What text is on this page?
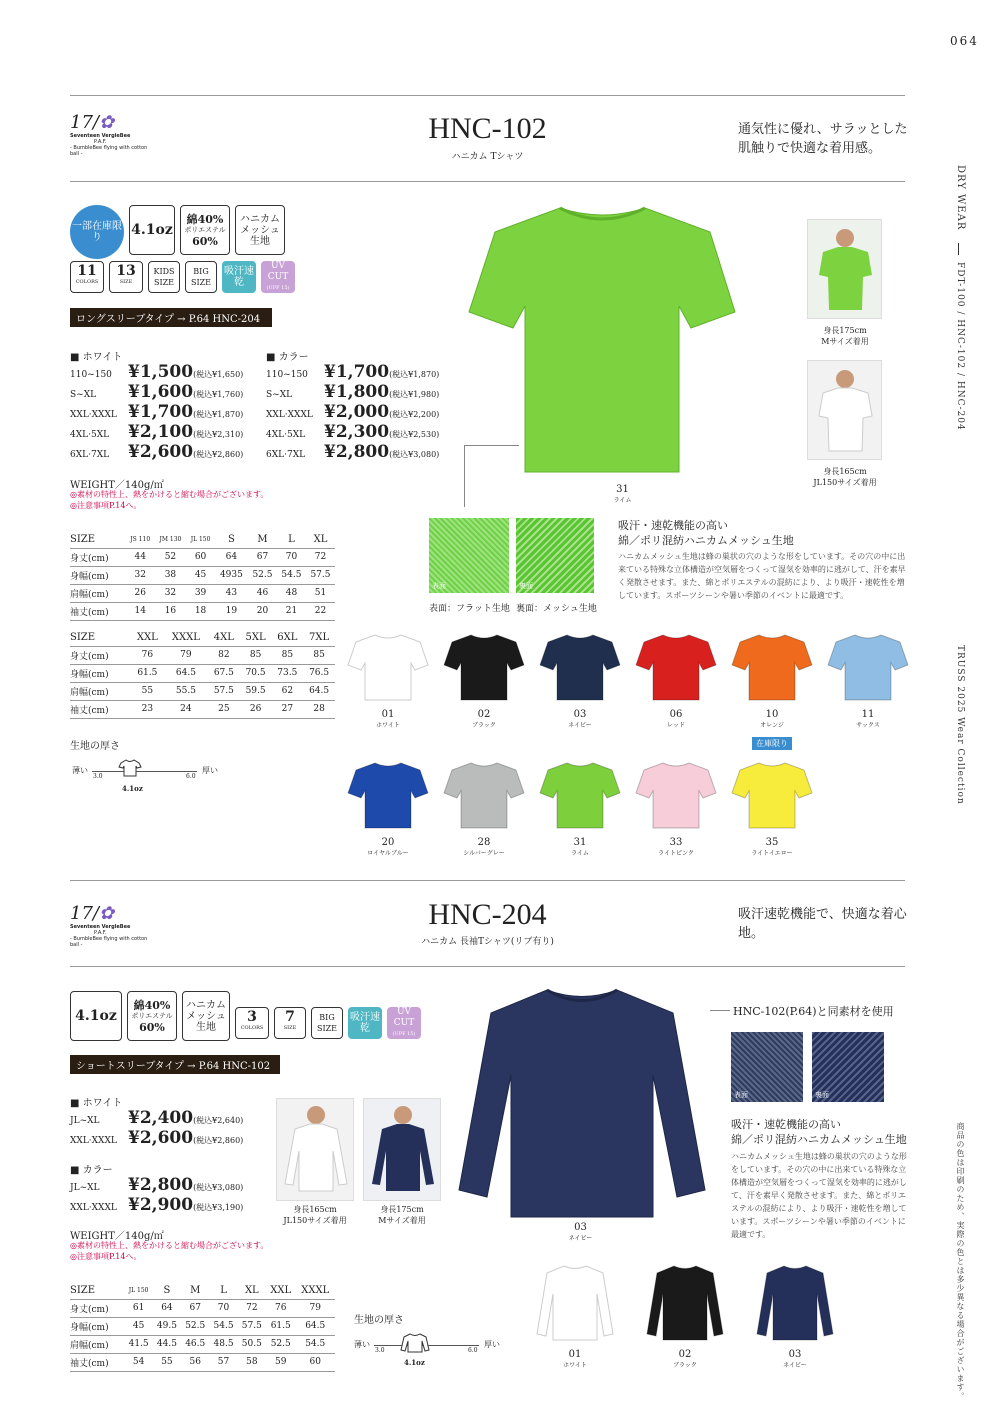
064
DRY WEAR
FDT-100 / HNC-102 / HNC-204
TRUSS 2025 Wear Collection
商品の色は印刷のため、実際の色とは多少異なる場合がございます。
17/✿
Seventeen VergleBee
P.A.F.
- BumbleBee flying with cotton ball -
HNC-102
ハニカム Tシャツ
通気性に優れ、サラッとした肌触りで快適な着用感。
一部在庫限り	4.1oz
綿40%
ポリエステル
60%
ハニカムメッシュ生地
11
COLORS
13
SIZE
KIDS SIZE
BIG SIZE
吸汗速乾
UV CUT
(UPF 15)
ロングスリーブタイプ → P.64 HNC-204
■ ホワイト
110~150 ¥1,500 (税込¥1,650)
S~XL	¥1,600 (税込¥1,760)
XXL·XXXL ¥1,700 (税込¥1,870)
4XL·5XL	¥2,100 (税込¥2,310)
6XL·7XL	¥2,600 (税込¥2,860)
■ カラー
110~150 ¥1,700 (税込¥1,870)
S~XL	¥1,800 (税込¥1,980)
XXL·XXXL ¥2,000 (税込¥2,200)
4XL·5XL	¥2,300 (税込¥2,530)
6XL·7XL	¥2,800 (税込¥3,080)
WEIGHT／140g/㎡
◎素材の特性上、熱をかけると縮む場合がございます。
◎注意事項P.14へ。
SIZE	JS 110	JM 130	JL 150	S	M	L	XL
身丈(cm)	44	52	60	64	67	70	72
身幅(cm)	32	38	45	4935	52.5	54.5	57.5
肩幅(cm)	26	32	39	43	46	48	51
袖丈(cm)	14	16	18	19	20	21	22
SIZE	XXL	XXXL	4XL	5XL	6XL	7XL
身丈(cm)	76	79	82	85	85	85
身幅(cm)	61.5	64.5	67.5	70.5	73.5	76.5
肩幅(cm)	55	55.5	57.5	59.5	62	64.5
袖丈(cm)	23	24	25	26	27	28
生地の厚さ
薄い	厚い
3.0	6.0
4.1oz
31
ライム
身長175cm
Mサイズ着用
身長165cm
JL150サイズ着用
表面	裏面
表面：フラット生地 裏面：メッシュ生地
吸汗・速乾機能の高い
綿／ポリ混紡ハニカムメッシュ生地
ハニカムメッシュ生地は蜂の巣状の穴のような形をしています。その穴の中に出来ている特殊な立体構造が空気層をつくって湿気を効率的に逃がして、汗を素早く発散させます。また、綿とポリエステルの混紡により、より吸汗・速乾性を増しています。スポーツシーンや暑い季節のイベントに最適です。
01
ホワイト
02
ブラック
03
ネイビー
06
レッド
10
オレンジ
11
サックス
20
ロイヤルブルー
28
シルバーグレー
31
ライム
33
ライトピンク
35
ライトイエロー
在庫限り
17/✿
Seventeen VergleBee
P.A.F.
- BumbleBee flying with cotton ball -
HNC-204
ハニカム 長袖Tシャツ(リブ有り)
吸汗速乾機能で、快適な着心地。
4.1oz
綿40%
ポリエステル
60%
ハニカムメッシュ生地
3
COLORS
7
SIZE
BIG SIZE
吸汗速乾
UV CUT
(UPF 15)
ショートスリーブタイプ → P.64 HNC-102
■ ホワイト
JL~XL	¥2,400 (税込¥2,640)
XXL·XXXL ¥2,600 (税込¥2,860)
■ カラー
JL~XL	¥2,800 (税込¥3,080)
XXL·XXXL ¥2,900 (税込¥3,190)
WEIGHT／140g/㎡
◎素材の特性上、熱をかけると縮む場合がございます。
◎注意事項P.14へ。
SIZE	JL 150	S	M	L	XL	XXL	XXXL
身丈(cm)	61	64	67	70	72	76	79
身幅(cm)	45	49.5	52.5	54.5	57.5	61.5	64.5
肩幅(cm)	41.5	44.5	46.5	48.5	50.5	52.5	54.5
袖丈(cm)	54	55	56	57	58	59	60
身長165cm
JL150サイズ着用
身長175cm
Mサイズ着用
生地の厚さ
薄い	厚い
3.0	6.0
4.1oz
03
ネイビー
HNC-102(P.64)と同素材を使用
表面	裏面
吸汗・速乾機能の高い
綿／ポリ混紡ハニカムメッシュ生地
ハニカムメッシュ生地は蜂の巣状の穴のような形をしています。その穴の中に出来ている特殊な立体構造が空気層をつくって湿気を効率的に逃がして、汗を素早く発散させます。また、綿とポリエステルの混紡により、より吸汗・速乾性を増しています。スポーツシーンや暑い季節のイベントに最適です。
01
ホワイト
02
ブラック
03
ネイビー
